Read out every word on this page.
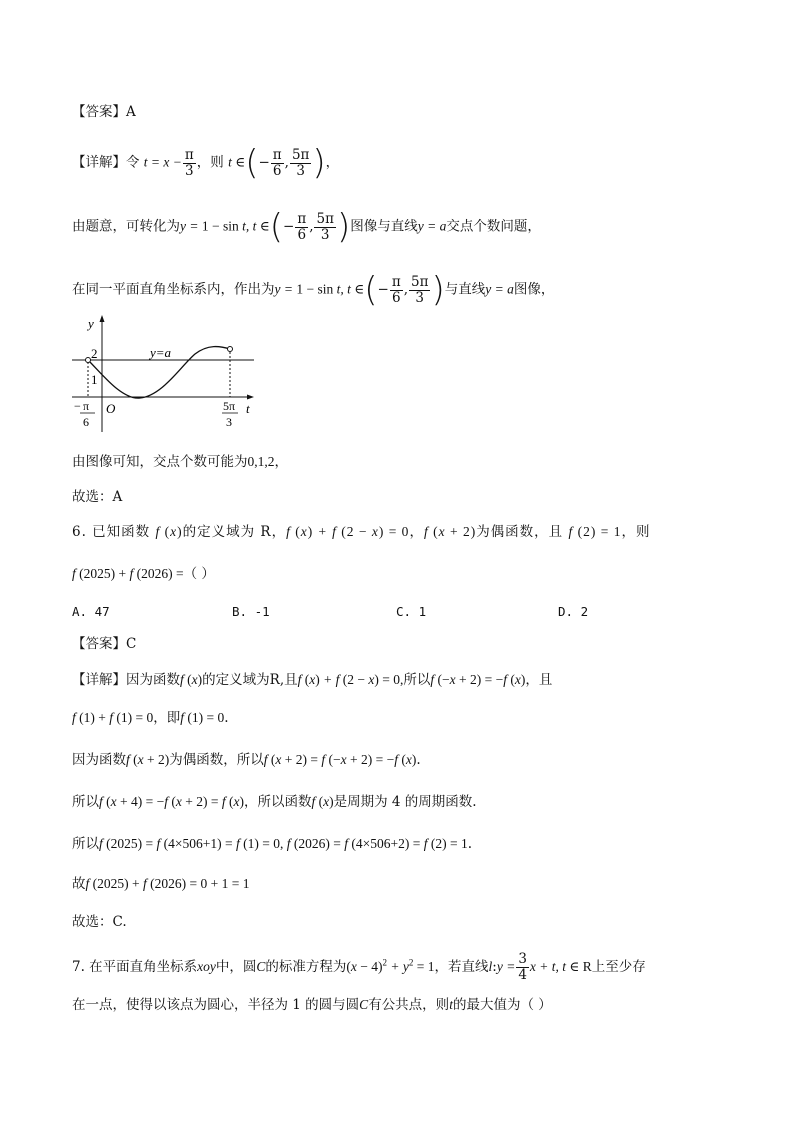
【答案】A
【详解】令 $t = x - \frac{\pi}{3}$ ，则 t ∈(− $\frac{\pi}{6}$ , $\frac{5\pi}{3}$ )，
由题意，可转化为y = 1 − sin t, t ∈(− $\frac{\pi}{6}$ , $\frac{5\pi}{3}$ )图像与直线y = a交点个数问题，
在同一平面直角坐标系内，作出为y = 1 − sin t, t ∈(− $\frac{\pi}{6}$ , $\frac{5\pi}{3}$ )与直线y = a图像，
y
t
O
2
1
y=a
− π
6
5π
3
由图像可知，交点个数可能为0,1,2，
故选：A
6. 已知函数 f (x)的定义域为 R，f (x) + f (2 − x) = 0，f (x + 2)为偶函数，且 f (2) = 1，则
f (2025) + f (2026) =（ ）
A. 47	B. -1	C. 1	D. 2
【答案】C
【详解】因为函数f (x)的定义域为R,且f (x) + f (2 − x) = 0,所以f (−x + 2) = −f (x)，且
f (1) + f (1) = 0，即f (1) = 0.
因为函数f (x + 2)为偶函数，所以f (x + 2) = f (−x + 2) = −f (x).
所以f (x + 4) = −f (x + 2) = f (x)，所以函数f (x)是周期为 4 的周期函数.
所以f (2025) = f (4×506+1) = f (1) = 0, f (2026) = f (4×506+2) = f (2) = 1.
故f (2025) + f (2026) = 0 + 1 = 1
故选：C.
7. 在平面直角坐标系xoy中，圆C的标准方程为$(x - 4)^2 + y^2 = 1$，若直线l:y = $\frac{3}{4}$ x + t, t ∈ R上至少存
在一点，使得以该点为圆心，半径为 1 的圆与圆C有公共点，则t的最大值为（ ）
